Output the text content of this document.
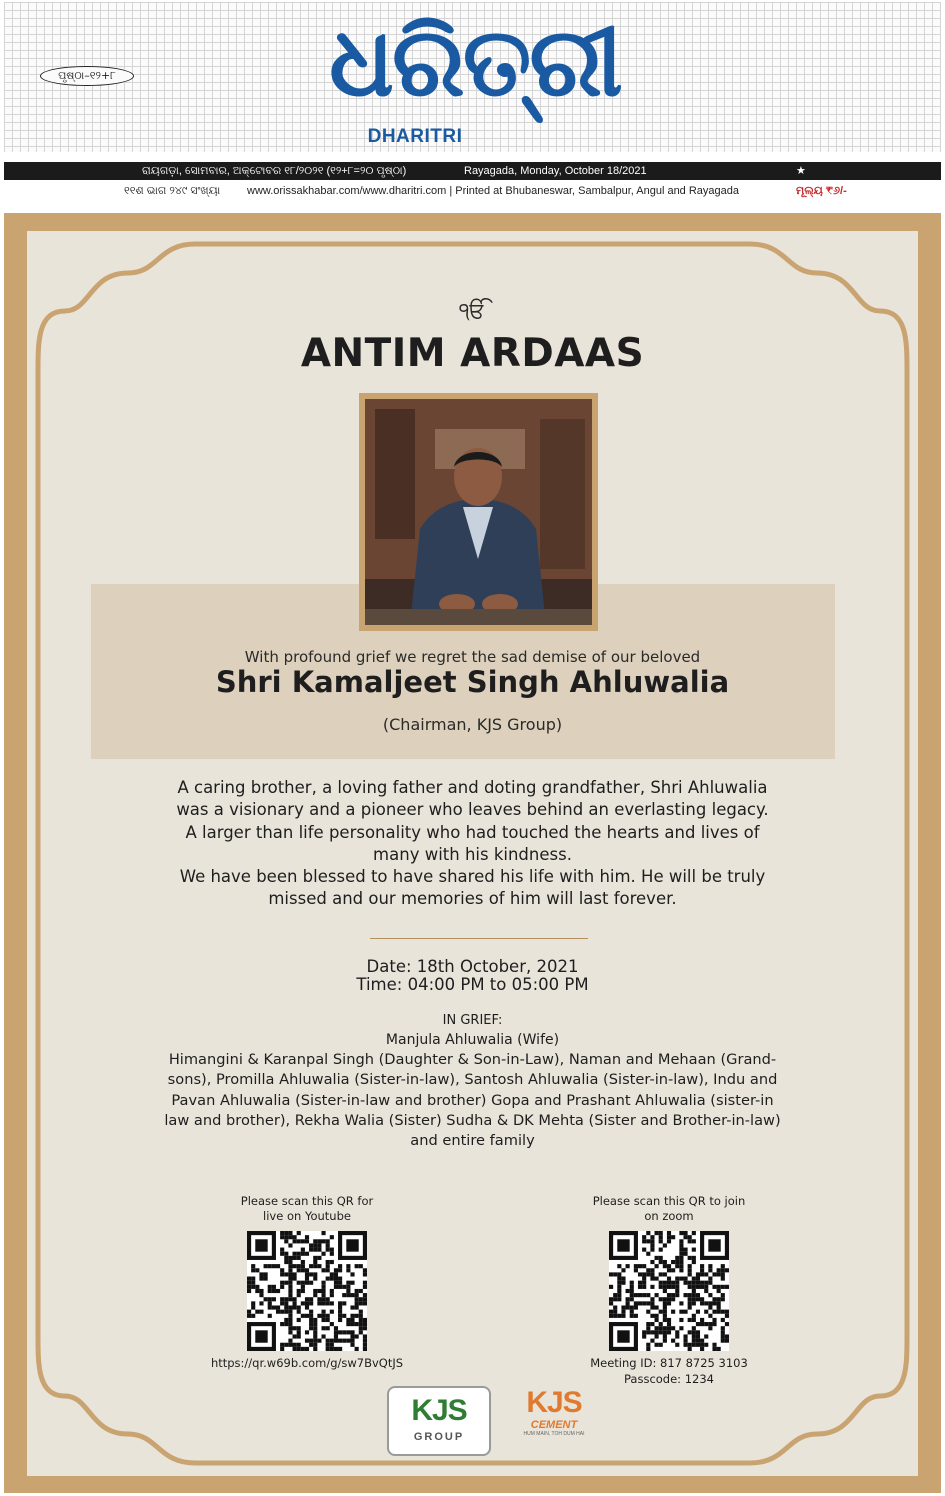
ପୃଷ୍ଠା–୧୨+୮	ଧରିତ୍ରୀ
DHARITRI
ରାୟଗଡ଼ା, ସୋମବାର, ଅକ୍ଟୋବର ୧୮/୨୦୨୧ (୧୨+୮=୨୦ ପୃଷ୍ଠା)	Rayagada, Monday, October 18/2021	★
୧୧ଶ ଭାଗ ୨୪୯ ସଂଖ୍ୟା www.orissakhabar.com/www.dharitri.com | Printed at Bhubaneswar, Sambalpur, Angul and Rayagada	ମୂଲ୍ୟ ₹୬/-
ੴ
ANTIM ARDAAS
With profound grief we regret the sad demise of our beloved
Shri Kamaljeet Singh Ahluwalia
(Chairman, KJS Group)
A caring brother, a loving father and doting grandfather, Shri Ahluwalia
was a visionary and a pioneer who leaves behind an everlasting legacy.
A larger than life personality who had touched the hearts and lives of
many with his kindness.
We have been blessed to have shared his life with him. He will be truly
missed and our memories of him will last forever.
Date: 18th October, 2021
Time: 04:00 PM to 05:00 PM
IN GRIEF:
Manjula Ahluwalia (Wife)
Himangini & Karanpal Singh (Daughter & Son-in-Law), Naman and Mehaan (Grand-
sons), Promilla Ahluwalia (Sister-in-law), Santosh Ahluwalia (Sister-in-law), Indu and
Pavan Ahluwalia (Sister-in-law and brother) Gopa and Prashant Ahluwalia (sister-in
law and brother), Rekha Walia (Sister) Sudha & DK Mehta (Sister and Brother-in-law)
and entire family
Please scan this QR for
live on Youtube
https://qr.w69b.com/g/sw7BvQtJS
Please scan this QR to join
on zoom
Meeting ID: 817 8725 3103
Passcode: 1234
KJS
GROUP
KJS
CEMENT
HUM MAIN, TOH DUM HAI
